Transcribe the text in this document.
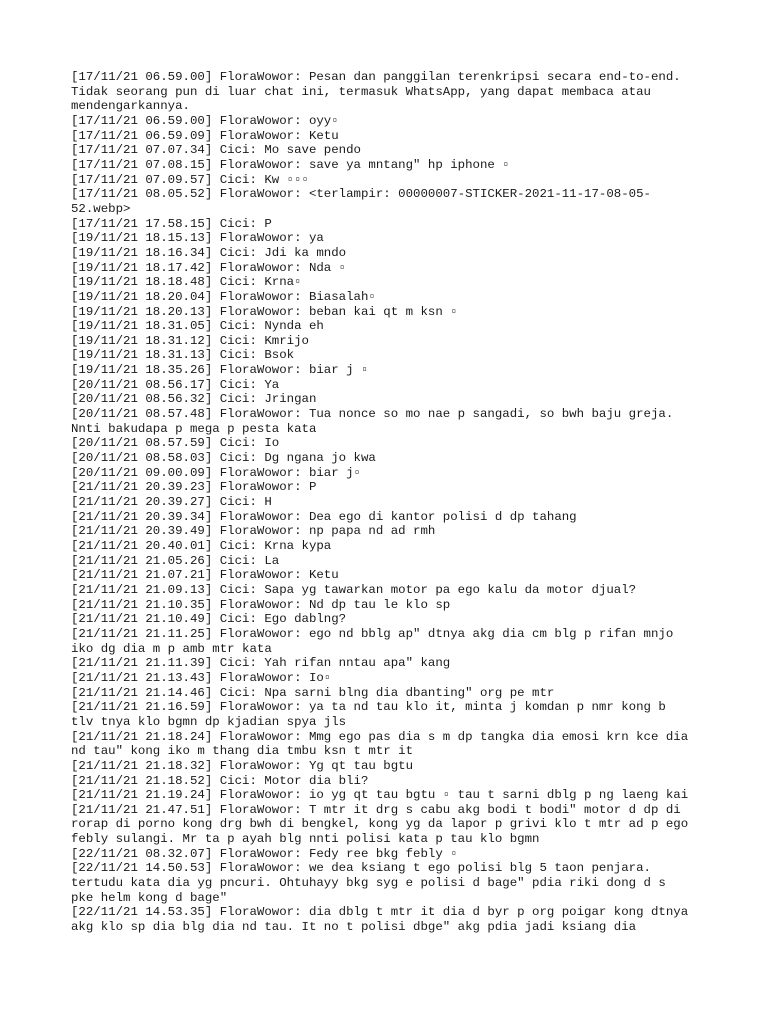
[17/11/21 06.59.00] FloraWowor: Pesan dan panggilan terenkripsi secara end-to-end.
Tidak seorang pun di luar chat ini, termasuk WhatsApp, yang dapat membaca atau
mendengarkannya.
[17/11/21 06.59.00] FloraWowor: oyy▫
[17/11/21 06.59.09] FloraWowor: Ketu
[17/11/21 07.07.34] Cici: Mo save pendo
[17/11/21 07.08.15] FloraWowor: save ya mntang" hp iphone ▫
[17/11/21 07.09.57] Cici: Kw ▫▫▫
[17/11/21 08.05.52] FloraWowor: <terlampir: 00000007-STICKER-2021-11-17-08-05-
52.webp>
[17/11/21 17.58.15] Cici: P
[19/11/21 18.15.13] FloraWowor: ya
[19/11/21 18.16.34] Cici: Jdi ka mndo
[19/11/21 18.17.42] FloraWowor: Nda ▫
[19/11/21 18.18.48] Cici: Krna▫
[19/11/21 18.20.04] FloraWowor: Biasalah▫
[19/11/21 18.20.13] FloraWowor: beban kai qt m ksn ▫
[19/11/21 18.31.05] Cici: Nynda eh
[19/11/21 18.31.12] Cici: Kmrijo
[19/11/21 18.31.13] Cici: Bsok
[19/11/21 18.35.26] FloraWowor: biar j ▫
[20/11/21 08.56.17] Cici: Ya
[20/11/21 08.56.32] Cici: Jringan
[20/11/21 08.57.48] FloraWowor: Tua nonce so mo nae p sangadi, so bwh baju greja.
Nnti bakudapa p mega p pesta kata
[20/11/21 08.57.59] Cici: Io
[20/11/21 08.58.03] Cici: Dg ngana jo kwa
[20/11/21 09.00.09] FloraWowor: biar j▫
[21/11/21 20.39.23] FloraWowor: P
[21/11/21 20.39.27] Cici: H
[21/11/21 20.39.34] FloraWowor: Dea ego di kantor polisi d dp tahang
[21/11/21 20.39.49] FloraWowor: np papa nd ad rmh
[21/11/21 20.40.01] Cici: Krna kypa
[21/11/21 21.05.26] Cici: La
[21/11/21 21.07.21] FloraWowor: Ketu
[21/11/21 21.09.13] Cici: Sapa yg tawarkan motor pa ego kalu da motor djual?
[21/11/21 21.10.35] FloraWowor: Nd dp tau le klo sp
[21/11/21 21.10.49] Cici: Ego dablng?
[21/11/21 21.11.25] FloraWowor: ego nd bblg ap" dtnya akg dia cm blg p rifan mnjo
iko dg dia m p amb mtr kata
[21/11/21 21.11.39] Cici: Yah rifan nntau apa" kang
[21/11/21 21.13.43] FloraWowor: Io▫
[21/11/21 21.14.46] Cici: Npa sarni blng dia dbanting" org pe mtr
[21/11/21 21.16.59] FloraWowor: ya ta nd tau klo it, minta j komdan p nmr kong b
tlv tnya klo bgmn dp kjadian spya jls
[21/11/21 21.18.24] FloraWowor: Mmg ego pas dia s m dp tangka dia emosi krn kce dia
nd tau" kong iko m thang dia tmbu ksn t mtr it
[21/11/21 21.18.32] FloraWowor: Yg qt tau bgtu
[21/11/21 21.18.52] Cici: Motor dia bli?
[21/11/21 21.19.24] FloraWowor: io yg qt tau bgtu ▫ tau t sarni dblg p ng laeng kai
[21/11/21 21.47.51] FloraWowor: T mtr it drg s cabu akg bodi t bodi" motor d dp di
rorap di porno kong drg bwh di bengkel, kong yg da lapor p grivi klo t mtr ad p ego
febly sulangi. Mr ta p ayah blg nnti polisi kata p tau klo bgmn
[22/11/21 08.32.07] FloraWowor: Fedy ree bkg febly ▫
[22/11/21 14.50.53] FloraWowor: we dea ksiang t ego polisi blg 5 taon penjara.
tertudu kata dia yg pncuri. Ohtuhayy bkg syg e polisi d bage" pdia riki dong d s
pke helm kong d bage"
[22/11/21 14.53.35] FloraWowor: dia dblg t mtr it dia d byr p org poigar kong dtnya
akg klo sp dia blg dia nd tau. It no t polisi dbge" akg pdia jadi ksiang dia
